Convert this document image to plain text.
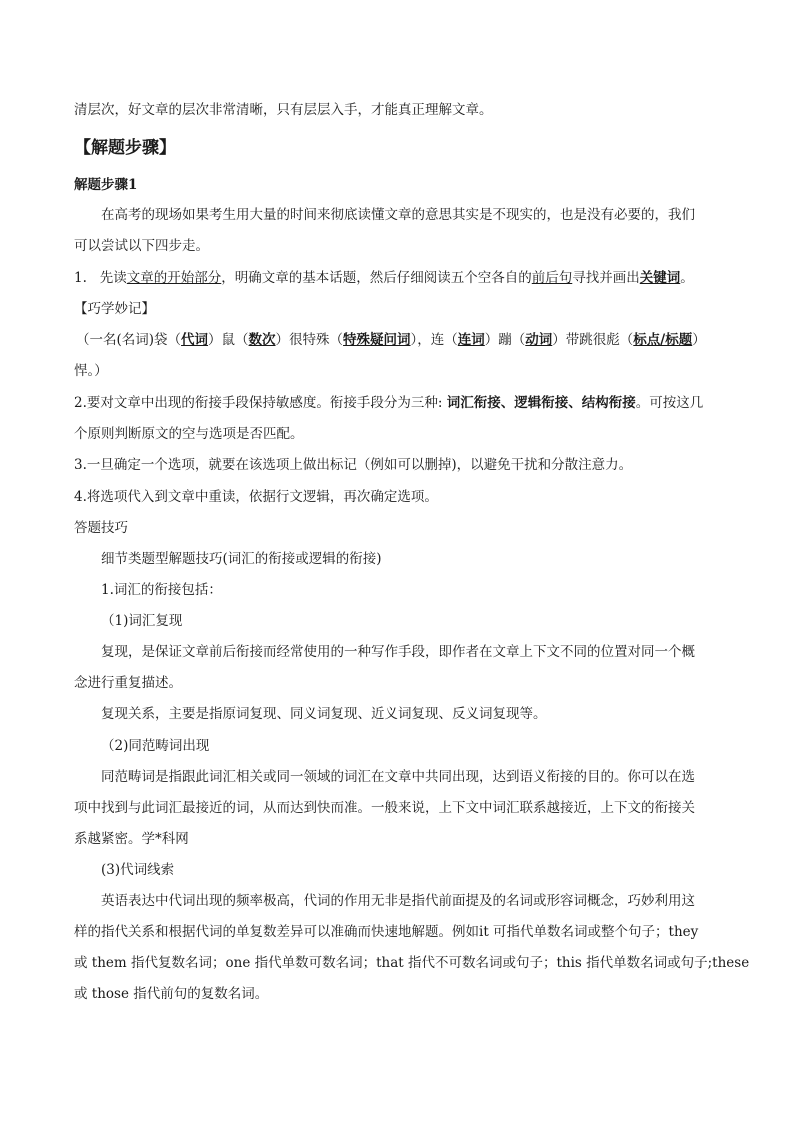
清层次，好文章的层次非常清晰，只有层层入手，才能真正理解文章。
【解题步骤】
解题步骤1
在高考的现场如果考生用大量的时间来彻底读懂文章的意思其实是不现实的，也是没有必要的，我们
可以尝试以下四步走。
1. 先读文章的开始部分，明确文章的基本话题，然后仔细阅读五个空各自的前后句寻找并画出关键词。
【巧学妙记】
（一名(名词)袋（代词）鼠（数次）很特殊（特殊疑问词），连（连词）蹦（动词）带跳很彪（标点/标题）
悍。）
2.要对文章中出现的衔接手段保持敏感度。衔接手段分为三种: 词汇衔接、逻辑衔接、结构衔接。可按这几
个原则判断原文的空与选项是否匹配。
3.一旦确定一个选项，就要在该选项上做出标记（例如可以删掉)，以避免干扰和分散注意力。
4.将选项代入到文章中重读，依据行文逻辑，再次确定选项。
答题技巧
细节类题型解题技巧(词汇的衔接或逻辑的衔接)
1.词汇的衔接包括：
（1)词汇复现
复现，是保证文章前后衔接而经常使用的一种写作手段，即作者在文章上下文不同的位置对同一个概
念进行重复描述。
复现关系，主要是指原词复现、同义词复现、近义词复现、反义词复现等。
（2)同范畴词出现
同范畴词是指跟此词汇相关或同一领域的词汇在文章中共同出现，达到语义衔接的目的。你可以在选
项中找到与此词汇最接近的词，从而达到快而准。一般来说，上下文中词汇联系越接近，上下文的衔接关
系越紧密。学*科网
(3)代词线索
英语表达中代词出现的频率极高，代词的作用无非是指代前面提及的名词或形容词概念，巧妙利用这
样的指代关系和根据代词的单复数差异可以准确而快速地解题。例如it 可指代单数名词或整个句子；they
或 them 指代复数名词；one 指代单数可数名词；that 指代不可数名词或句子；this 指代单数名词或句子;these
或 those 指代前句的复数名词。
